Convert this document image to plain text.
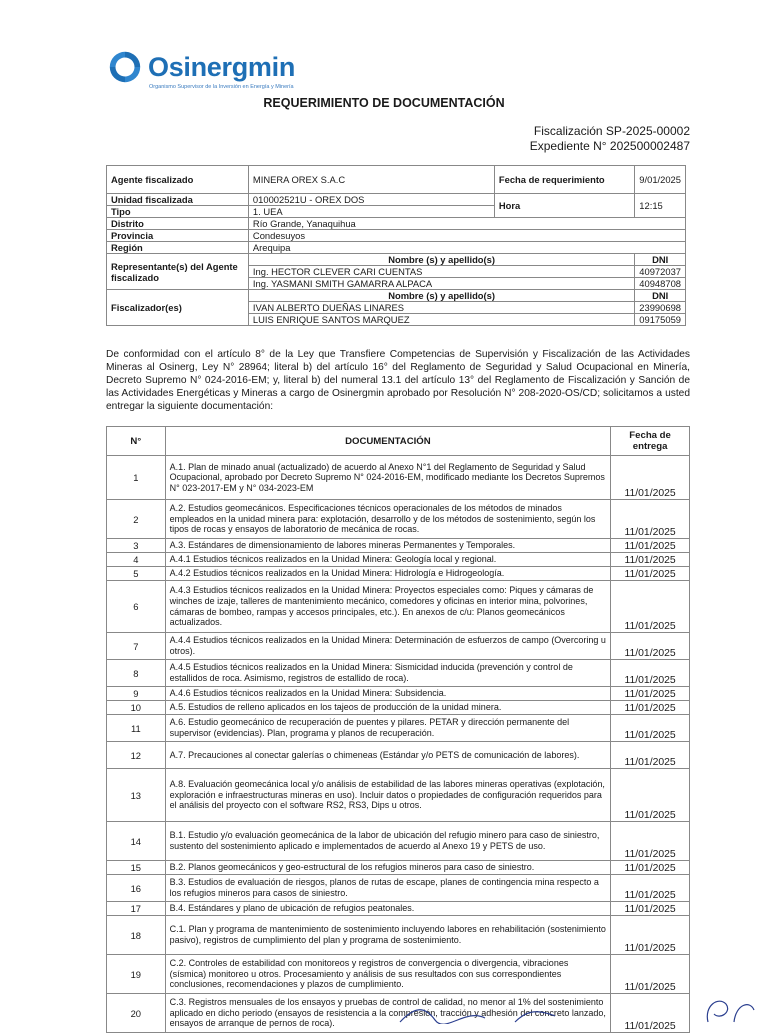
Osinergmin
Organismo Supervisor de la Inversión en Energía y Minería
REQUERIMIENTO DE DOCUMENTACIÓN
Fiscalización SP-2025-00002
Expediente N° 202500002487
Agente fiscalizado	MINERA OREX S.A.C	Fecha de requerimiento	9/01/2025
Unidad fiscalizada	010002521U - OREX DOS	Hora	12:15
Tipo	1. UEA		
Distrito	Río Grande, Yanaquihua		
Provincia	Condesuyos		
Región	Arequipa		
Representante(s) del Agente fiscalizado	Nombre (s) y apellido(s)		DNI
	Ing. HECTOR CLEVER CARI CUENTAS		40972037
	Ing. YASMANI SMITH GAMARRA ALPACA		40948708
Fiscalizador(es)	Nombre (s) y apellido(s)		DNI
	IVAN ALBERTO DUEÑAS LINARES		23990698
	LUIS ENRIQUE SANTOS MARQUEZ		09175059
De conformidad con el artículo 8° de la Ley que Transfiere Competencias de Supervisión y Fiscalización de las Actividades Mineras al Osinerg, Ley N° 28964; literal b) del artículo 16° del Reglamento de Seguridad y Salud Ocupacional en Minería, Decreto Supremo N° 024-2016-EM; y, literal b) del numeral 13.1 del artículo 13° del Reglamento de Fiscalización y Sanción de las Actividades Energéticas y Mineras a cargo de Osinergmin aprobado por Resolución N° 208-2020-OS/CD; solicitamos a usted entregar la siguiente documentación:
N°	DOCUMENTACIÓN	Fecha de entrega
1	A.1. Plan de minado anual (actualizado) de acuerdo al Anexo N°1 del Reglamento de Seguridad y Salud Ocupacional, aprobado por Decreto Supremo N° 024-2016-EM, modificado mediante los Decretos Supremos N° 023-2017-EM y N° 034-2023-EM	11/01/2025
2	A.2. Estudios geomecánicos. Especificaciones técnicos operacionales de los métodos de minados empleados en la unidad minera para: explotación, desarrollo y de los métodos de sostenimiento, según los tipos de rocas y ensayos de laboratorio de mecánica de rocas.	11/01/2025
3	A.3. Estándares de dimensionamiento de labores mineras Permanentes y Temporales.	11/01/2025
4	A.4.1 Estudios técnicos realizados en la Unidad Minera: Geología local y regional.	11/01/2025
5	A.4.2 Estudios técnicos realizados en la Unidad Minera: Hidrología e Hidrogeología.	11/01/2025
6	A.4.3 Estudios técnicos realizados en la Unidad Minera: Proyectos especiales como: Piques y cámaras de winches de izaje, talleres de mantenimiento mecánico, comedores y oficinas en interior mina, polvorines, cámaras de bombeo, rampas y accesos principales, etc.). En anexos de c/u: Planos geomecánicos actualizados.	11/01/2025
7	A.4.4 Estudios técnicos realizados en la Unidad Minera: Determinación de esfuerzos de campo (Overcoring u otros).	11/01/2025
8	A.4.5 Estudios técnicos realizados en la Unidad Minera: Sismicidad inducida (prevención y control de estallidos de roca. Asimismo, registros de estallido de roca).	11/01/2025
9	A.4.6 Estudios técnicos realizados en la Unidad Minera: Subsidencia.	11/01/2025
10	A.5. Estudios de relleno aplicados en los tajeos de producción de la unidad minera.	11/01/2025
11	A.6. Estudio geomecánico de recuperación de puentes y pilares. PETAR y dirección permanente del supervisor (evidencias). Plan, programa y planos de recuperación.	11/01/2025
12	A.7. Precauciones al conectar galerías o chimeneas (Estándar y/o PETS de comunicación de labores).	11/01/2025
13	A.8. Evaluación geomecánica local y/o análisis de estabilidad de las labores mineras operativas (explotación, exploración e infraestructuras mineras en uso). Incluir datos o propiedades de configuración requeridos para el análisis del proyecto con el software RS2, RS3, Dips u otros.	11/01/2025
14	B.1. Estudio y/o evaluación geomecánica de la labor de ubicación del refugio minero para caso de siniestro, sustento del sostenimiento aplicado e implementados de acuerdo al Anexo 19 y PETS de uso.	11/01/2025
15	B.2. Planos geomecánicos y geo-estructural de los refugios mineros para caso de siniestro.	11/01/2025
16	B.3. Estudios de evaluación de riesgos, planos de rutas de escape, planes de contingencia mina respecto a los refugios mineros para casos de siniestro.	11/01/2025
17	B.4. Estándares y plano de ubicación de refugios peatonales.	11/01/2025
18	C.1. Plan y programa de mantenimiento de sostenimiento incluyendo labores en rehabilitación (sostenimiento pasivo), registros de cumplimiento del plan y programa de sostenimiento.	11/01/2025
19	C.2. Controles de estabilidad con monitoreos y registros de convergencia o divergencia, vibraciones (sísmica) monitoreo u otros. Procesamiento y análisis de sus resultados con sus correspondientes conclusiones, recomendaciones y plazos de cumplimiento.	11/01/2025
20	C.3. Registros mensuales de los ensayos y pruebas de control de calidad, no menor al 1% del sostenimiento aplicado en dicho periodo (ensayos de resistencia a la compresión, tracción y adhesión del concreto lanzado, ensayos de arranque de pernos de roca).	11/01/2025
